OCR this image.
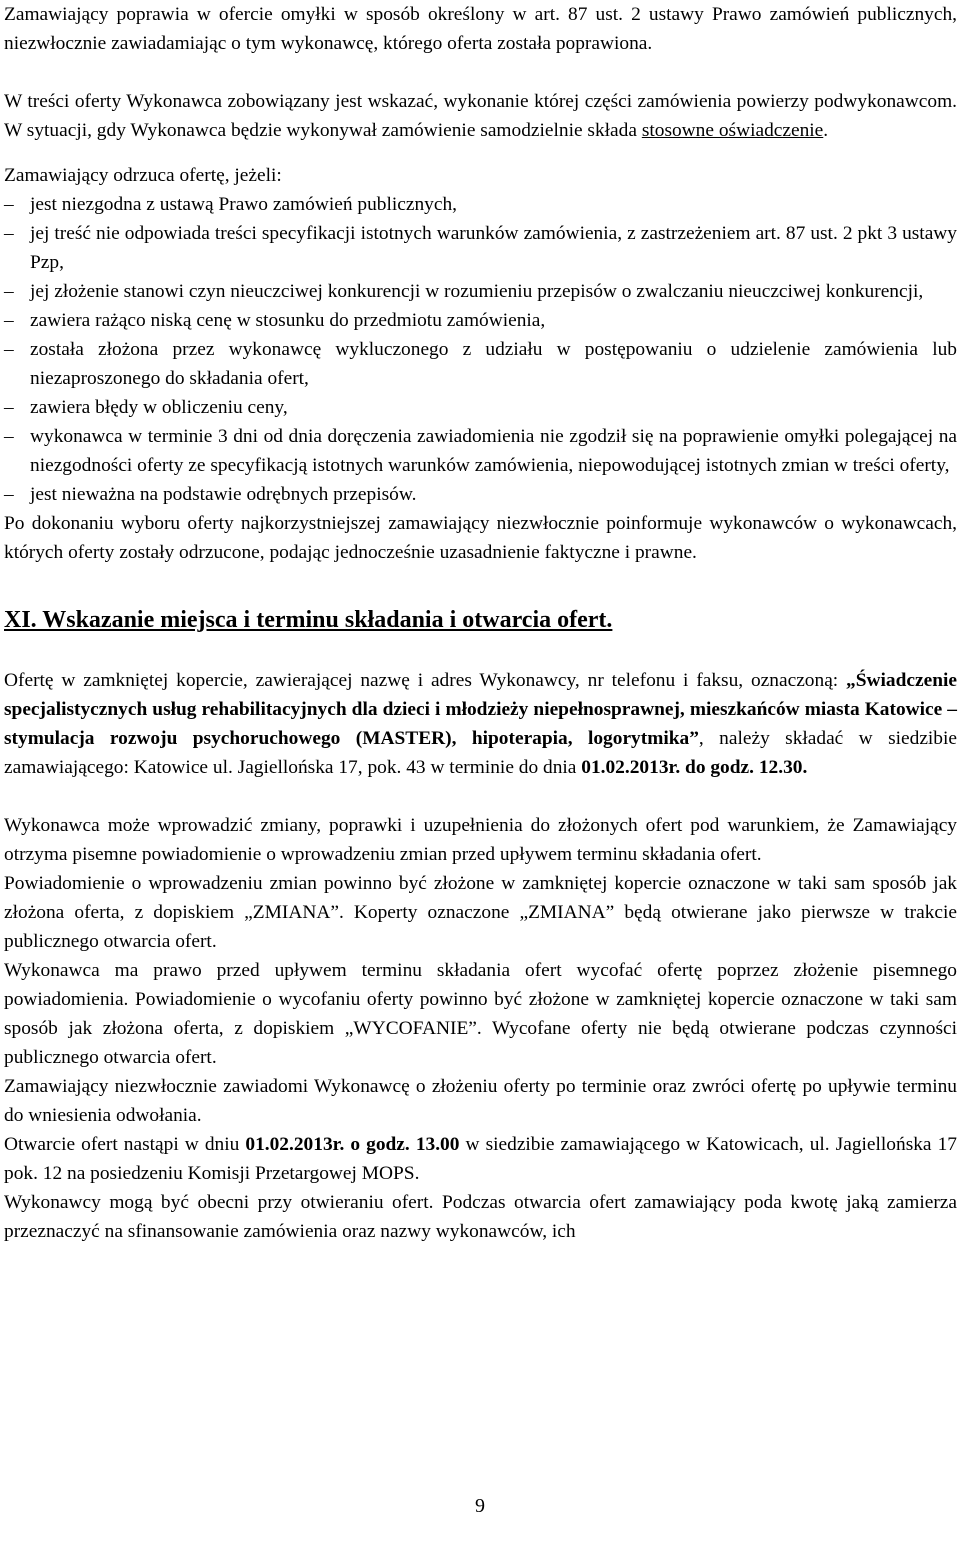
Zamawiający poprawia w ofercie omyłki w sposób określony w art. 87 ust. 2 ustawy Prawo zamówień publicznych, niezwłocznie zawiadamiając o tym wykonawcę, którego oferta została poprawiona.

W treści oferty Wykonawca zobowiązany jest wskazać, wykonanie której części zamówienia powierzy podwykonawcom. W sytuacji, gdy Wykonawca będzie wykonywał zamówienie samodzielnie składa stosowne oświadczenie.

Zamawiający odrzuca ofertę, jeżeli:

– jest niezgodna z ustawą Prawo zamówień publicznych,
– jej treść nie odpowiada treści specyfikacji istotnych warunków zamówienia, z zastrzeżeniem art. 87 ust. 2 pkt 3 ustawy Pzp,
– jej złożenie stanowi czyn nieuczciwej konkurencji w rozumieniu przepisów o zwalczaniu nieuczciwej konkurencji,
– zawiera rażąco niską cenę w stosunku do przedmiotu zamówienia,
– została złożona przez wykonawcę wykluczonego z udziału w postępowaniu o udzielenie zamówienia lub niezaproszonego do składania ofert,
– zawiera błędy w obliczeniu ceny,
– wykonawca w terminie 3 dni od dnia doręczenia zawiadomienia nie zgodził się na poprawienie omyłki polegającej na niezgodności oferty ze specyfikacją istotnych warunków zamówienia, niepowodującej istotnych zmian w treści oferty,
– jest nieważna na podstawie odrębnych przepisów.

Po dokonaniu wyboru oferty najkorzystniejszej zamawiający niezwłocznie poinformuje wykonawców o wykonawcach, których oferty zostały odrzucone, podając jednocześnie uzasadnienie faktyczne i prawne.

XI. Wskazanie miejsca i terminu składania i otwarcia ofert.

Ofertę w zamkniętej kopercie, zawierającej nazwę i adres Wykonawcy, nr telefonu i faksu, oznaczoną: „Świadczenie specjalistycznych usług rehabilitacyjnych dla dzieci i młodzieży niepełnosprawnej, mieszkańców miasta Katowice – stymulacja rozwoju psychoruchowego (MASTER), hipoterapia, logorytmika”, należy składać w siedzibie zamawiającego: Katowice ul. Jagiellońska 17, pok. 43 w terminie do dnia 01.02.2013r. do godz. 12.30.

Wykonawca może wprowadzić zmiany, poprawki i uzupełnienia do złożonych ofert pod warunkiem, że Zamawiający otrzyma pisemne powiadomienie o wprowadzeniu zmian przed upływem terminu składania ofert.

Powiadomienie o wprowadzeniu zmian powinno być złożone w zamkniętej kopercie oznaczone w taki sam sposób jak złożona oferta, z dopiskiem „ZMIANA”. Koperty oznaczone „ZMIANA” będą otwierane jako pierwsze w trakcie publicznego otwarcia ofert.

Wykonawca ma prawo przed upływem terminu składania ofert wycofać ofertę poprzez złożenie pisemnego powiadomienia. Powiadomienie o wycofaniu oferty powinno być złożone w zamkniętej kopercie oznaczone w taki sam sposób jak złożona oferta, z dopiskiem „WYCOFANIE”. Wycofane oferty nie będą otwierane podczas czynności publicznego otwarcia ofert.

Zamawiający niezwłocznie zawiadomi Wykonawcę o złożeniu oferty po terminie oraz zwróci ofertę po upływie terminu do wniesienia odwołania.

Otwarcie ofert nastąpi w dniu 01.02.2013r. o godz. 13.00 w siedzibie zamawiającego w Katowicach, ul. Jagiellońska 17 pok. 12 na posiedzeniu Komisji Przetargowej MOPS.

Wykonawcy mogą być obecni przy otwieraniu ofert. Podczas otwarcia ofert zamawiający poda kwotę jaką zamierza przeznaczyć na sfinansowanie zamówienia oraz nazwy wykonawców, ich

9
